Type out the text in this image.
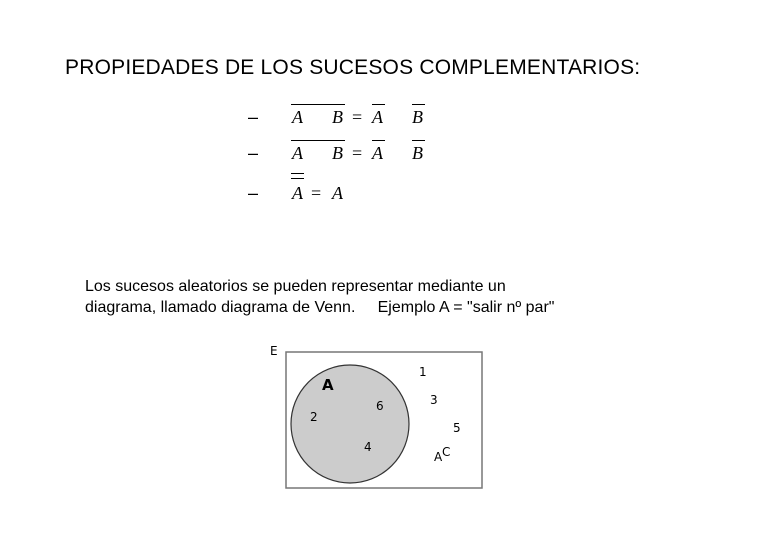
PROPIEDADES DE LOS SUCESOS COMPLEMENTARIOS:
– A B = A B
– A B = A B
– A = A
Los sucesos aleatorios se pueden representar mediante un
diagrama, llamado diagrama de Venn.     Ejemplo A = "salir nº par"
E
A
2
6
4
1
3
5
A C
